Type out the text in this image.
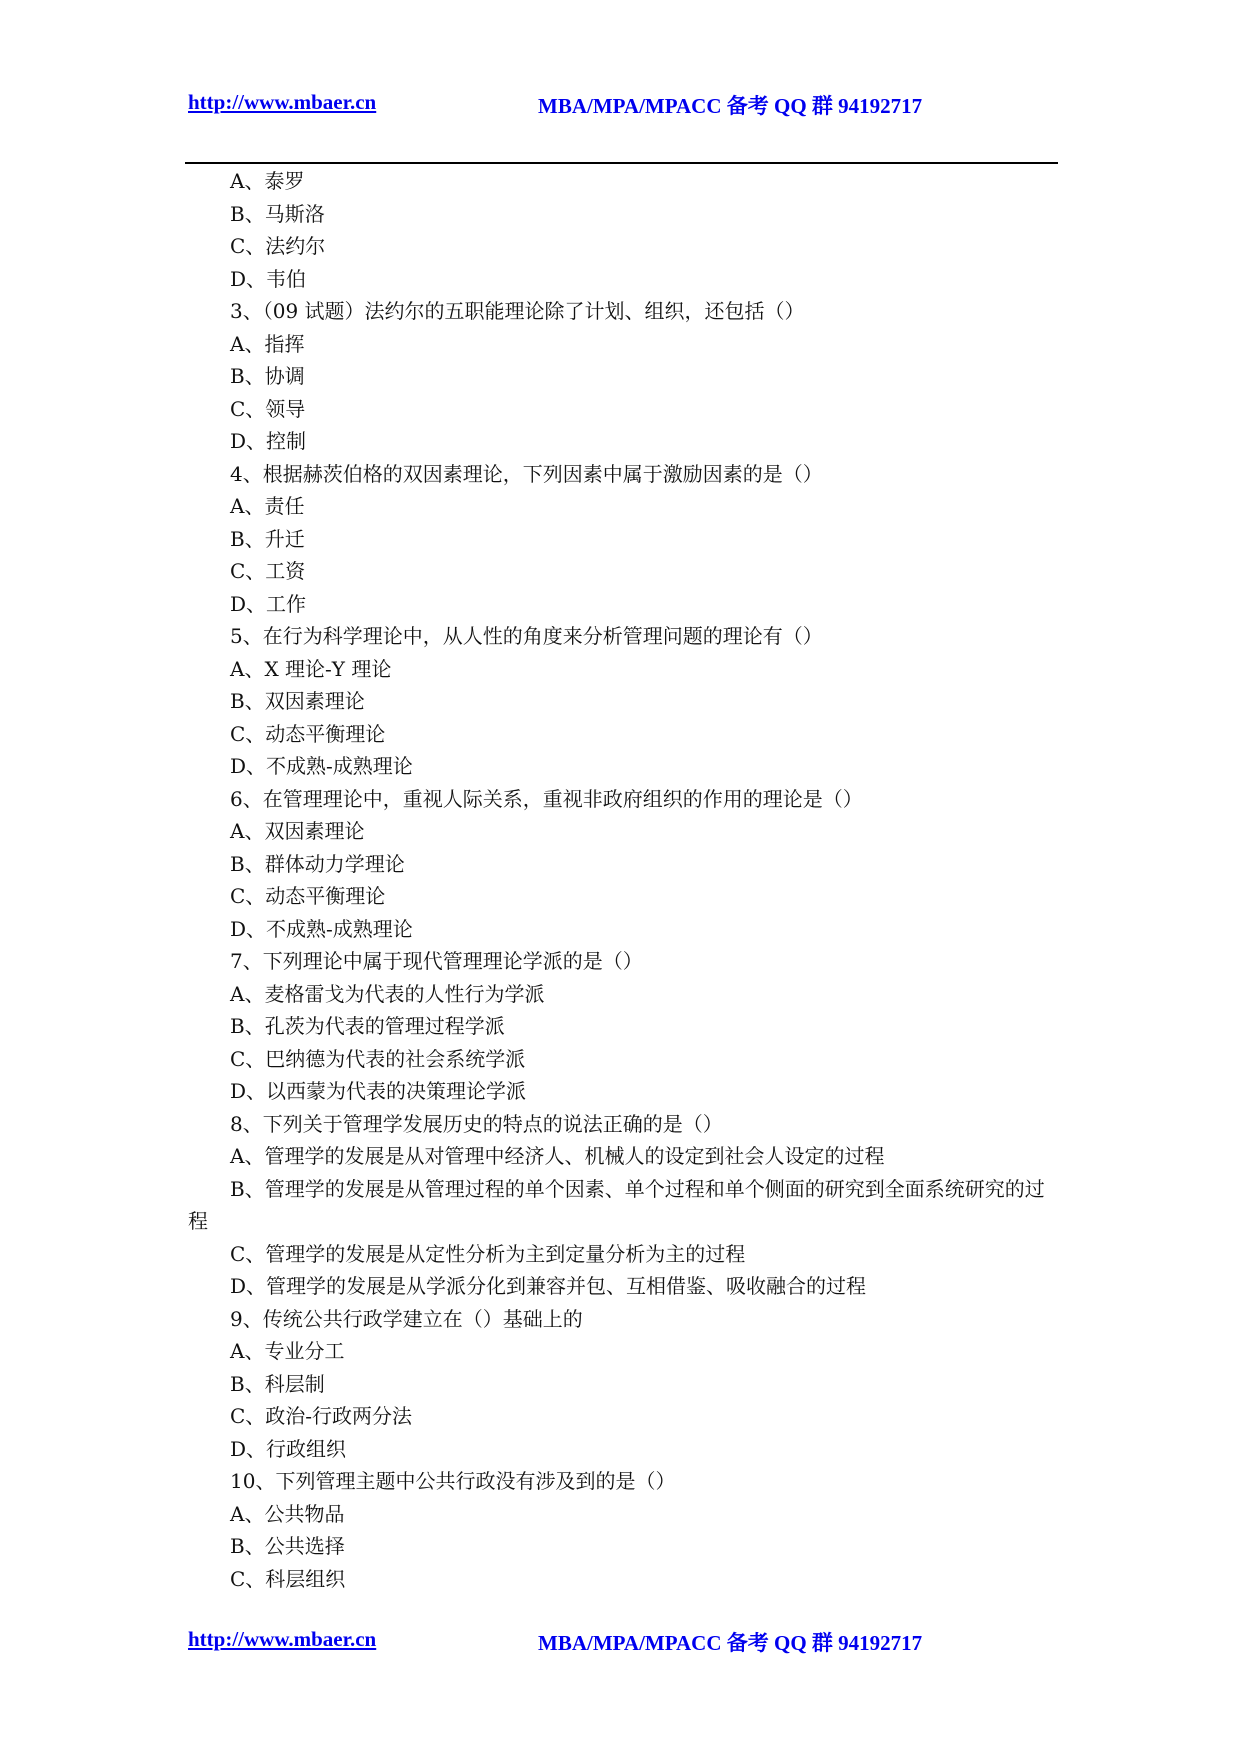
http://www.mbaer.cn	MBA/MPA/MPACC 备考 QQ 群 94192717
A、泰罗
B、马斯洛
C、法约尔
D、韦伯
3、（09 试题）法约尔的五职能理论除了计划、组织，还包括（）
A、指挥
B、协调
C、领导
D、控制
4、根据赫茨伯格的双因素理论，下列因素中属于激励因素的是（）
A、责任
B、升迁
C、工资
D、工作
5、在行为科学理论中，从人性的角度来分析管理问题的理论有（）
A、X 理论-Y 理论
B、双因素理论
C、动态平衡理论
D、不成熟-成熟理论
6、在管理理论中，重视人际关系，重视非政府组织的作用的理论是（）
A、双因素理论
B、群体动力学理论
C、动态平衡理论
D、不成熟-成熟理论
7、下列理论中属于现代管理理论学派的是（）
A、麦格雷戈为代表的人性行为学派
B、孔茨为代表的管理过程学派
C、巴纳德为代表的社会系统学派
D、以西蒙为代表的决策理论学派
8、下列关于管理学发展历史的特点的说法正确的是（）
A、管理学的发展是从对管理中经济人、机械人的设定到社会人设定的过程
B、管理学的发展是从管理过程的单个因素、单个过程和单个侧面的研究到全面系统研究的过程
C、管理学的发展是从定性分析为主到定量分析为主的过程
D、管理学的发展是从学派分化到兼容并包、互相借鉴、吸收融合的过程
9、传统公共行政学建立在（）基础上的
A、专业分工
B、科层制
C、政治-行政两分法
D、行政组织
10、下列管理主题中公共行政没有涉及到的是（）
A、公共物品
B、公共选择
C、科层组织
http://www.mbaer.cn	MBA/MPA/MPACC 备考 QQ 群 94192717
